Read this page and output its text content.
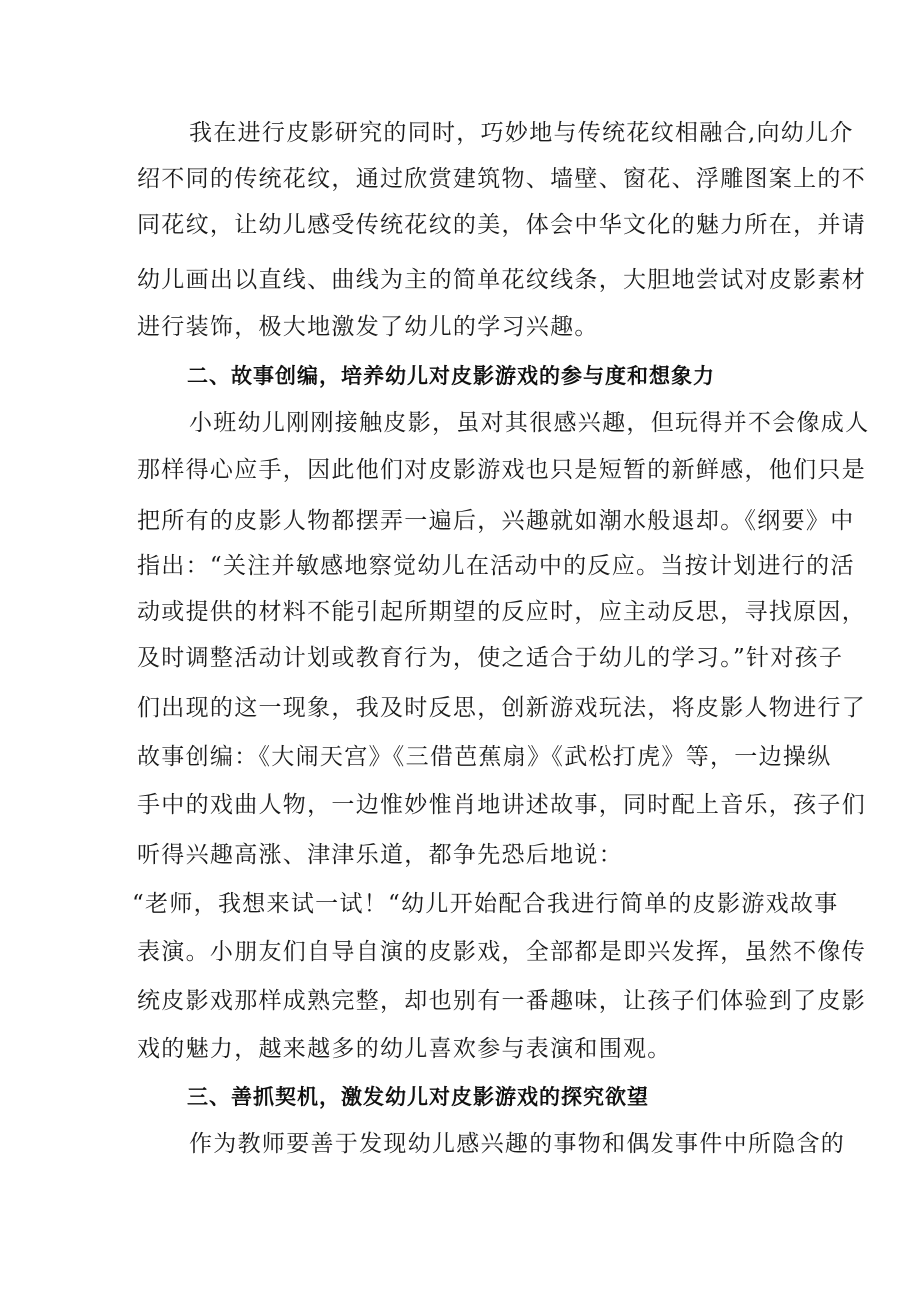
我在进行皮影研究的同时，巧妙地与传统花纹相融合,向幼儿介
绍不同的传统花纹，通过欣赏建筑物、墙壁、窗花、浮雕图案上的不
同花纹，让幼儿感受传统花纹的美，体会中华文化的魅力所在，并请
幼儿画出以直线、曲线为主的简单花纹线条，大胆地尝试对皮影素材
进行装饰，极大地激发了幼儿的学习兴趣。
二、故事创编，培养幼儿对皮影游戏的参与度和想象力
小班幼儿刚刚接触皮影，虽对其很感兴趣，但玩得并不会像成人
那样得心应手，因此他们对皮影游戏也只是短暂的新鲜感，他们只是
把所有的皮影人物都摆弄一遍后，兴趣就如潮水般退却。《纲要》中
指出：“关注并敏感地察觉幼儿在活动中的反应。当按计划进行的活
动或提供的材料不能引起所期望的反应时，应主动反思，寻找原因，
及时调整活动计划或教育行为，使之适合于幼儿的学习。”针对孩子
们出现的这一现象，我及时反思，创新游戏玩法，将皮影人物进行了
故事创编：《大闹天宫》《三借芭蕉扇》《武松打虎》等，一边操纵
手中的戏曲人物，一边惟妙惟肖地讲述故事，同时配上音乐，孩子们
听得兴趣高涨、津津乐道，都争先恐后地说：
“老师，我想来试一试！“幼儿开始配合我进行简单的皮影游戏故事
表演。小朋友们自导自演的皮影戏，全部都是即兴发挥，虽然不像传
统皮影戏那样成熟完整，却也别有一番趣味，让孩子们体验到了皮影
戏的魅力，越来越多的幼儿喜欢参与表演和围观。
三、善抓契机，激发幼儿对皮影游戏的探究欲望
作为教师要善于发现幼儿感兴趣的事物和偶发事件中所隐含的
